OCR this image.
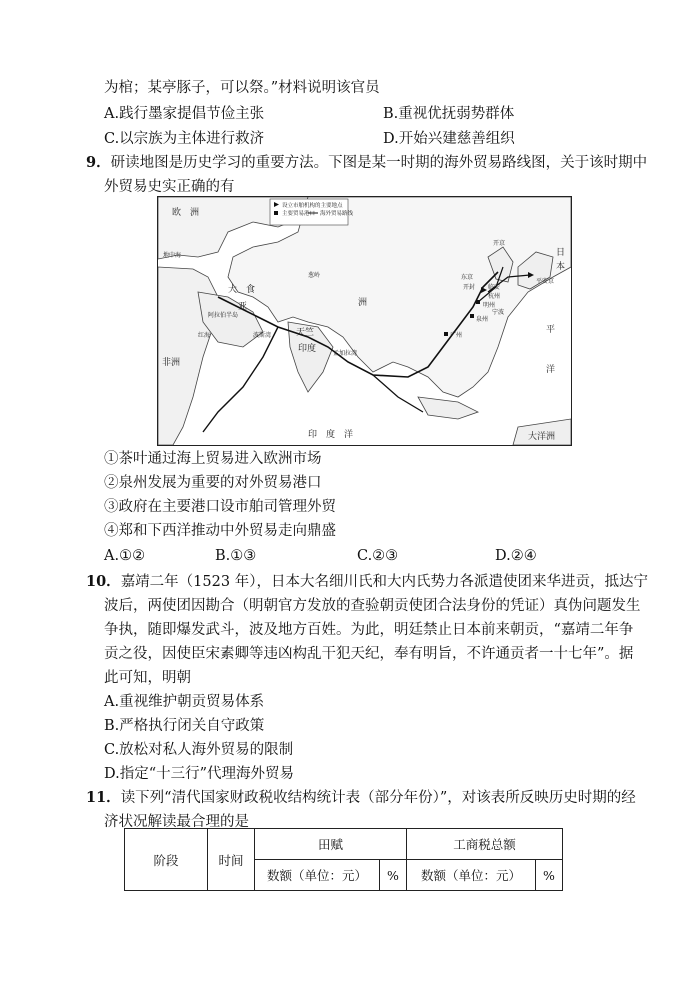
为棺；某亭豚子，可以祭。”材料说明该官员
A.践行墨家提倡节俭主张	B.重视优抚弱势群体
C.以宗族为主体进行救济	D.开始兴建慈善组织
9．研读地图是历史学习的重要方法。下图是某一时期的海外贸易路线图，关于该时期中
外贸易史实正确的有
设立市舶机构的主要地点
主要贸易港口 海外贸易路线
欧　洲
大　食
亚	洲
非洲
阿拉伯半岛
天竺
印度
印　度　洋
孟加拉湾
波斯湾
红海
地中海
葱岭	东京
开封 临安
杭州
明州
泉州
广州
宁波
平安京
开京
日
本
大洋洲
平
洋
①茶叶通过海上贸易进入欧洲市场
②泉州发展为重要的对外贸易港口
③政府在主要港口设市舶司管理外贸
④郑和下西洋推动中外贸易走向鼎盛
A.①②	B.①③	C.②③	D.②④
10．嘉靖二年（1523 年），日本大名细川氏和大内氏势力各派遣使团来华进贡，抵达宁
波后，两使团因勘合（明朝官方发放的查验朝贡使团合法身份的凭证）真伪问题发生
争执，随即爆发武斗，波及地方百姓。为此，明廷禁止日本前来朝贡，“嘉靖二年争
贡之役，因使臣宋素卿等违凶构乱干犯天纪，奉有明旨，不许通贡者一十七年”。据
此可知，明朝
A.重视维护朝贡贸易体系
B.严格执行闭关自守政策
C.放松对私人海外贸易的限制
D.指定“十三行”代理海外贸易
11．读下列“清代国家财政税收结构统计表（部分年份）”，对该表所反映历史时期的经
济状况解读最合理的是
阶段	时间	田赋		工商税总额	
		数额（单位：元）	%	数额（单位：元）	%
